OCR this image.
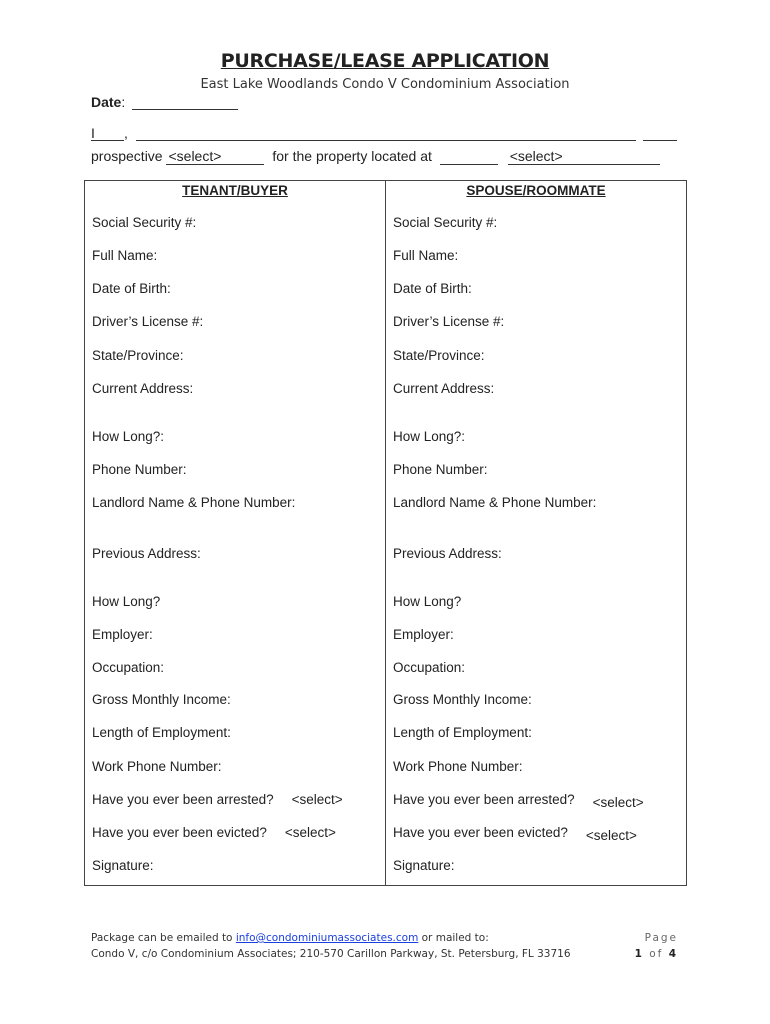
PURCHASE/LEASE APPLICATION
East Lake Woodlands Condo V Condominium Association
Date:
I ,
prospective <select>	for the property located at	<select>
TENANT/BUYER	SPOUSE/ROOMMATE

Social Security #:	Social Security #:

Full Name:	Full Name:

Date of Birth:	Date of Birth:

Driver’s License #:	Driver’s License #:

State/Province:	State/Province:

Current Address:	Current Address:

How Long?:	How Long?:

Phone Number:	Phone Number:

Landlord Name & Phone Number:	Landlord Name & Phone Number:

Previous Address:	Previous Address:

How Long?	How Long?

Employer:	Employer:

Occupation:	Occupation:

Gross Monthly Income:	Gross Monthly Income:

Length of Employment:	Length of Employment:

Work Phone Number:	Work Phone Number:

Have you ever been arrested? <select>	Have you ever been arrested? <select>

Have you ever been evicted? <select>	Have you ever been evicted? <select>

Signature:	Signature:
Package can be emailed to info@condominiumassociates.com or mailed to:
Condo V, c/o Condominium Associates; 210-570 Carillon Parkway, St. Petersburg, FL 33716
Page
1 of 4
